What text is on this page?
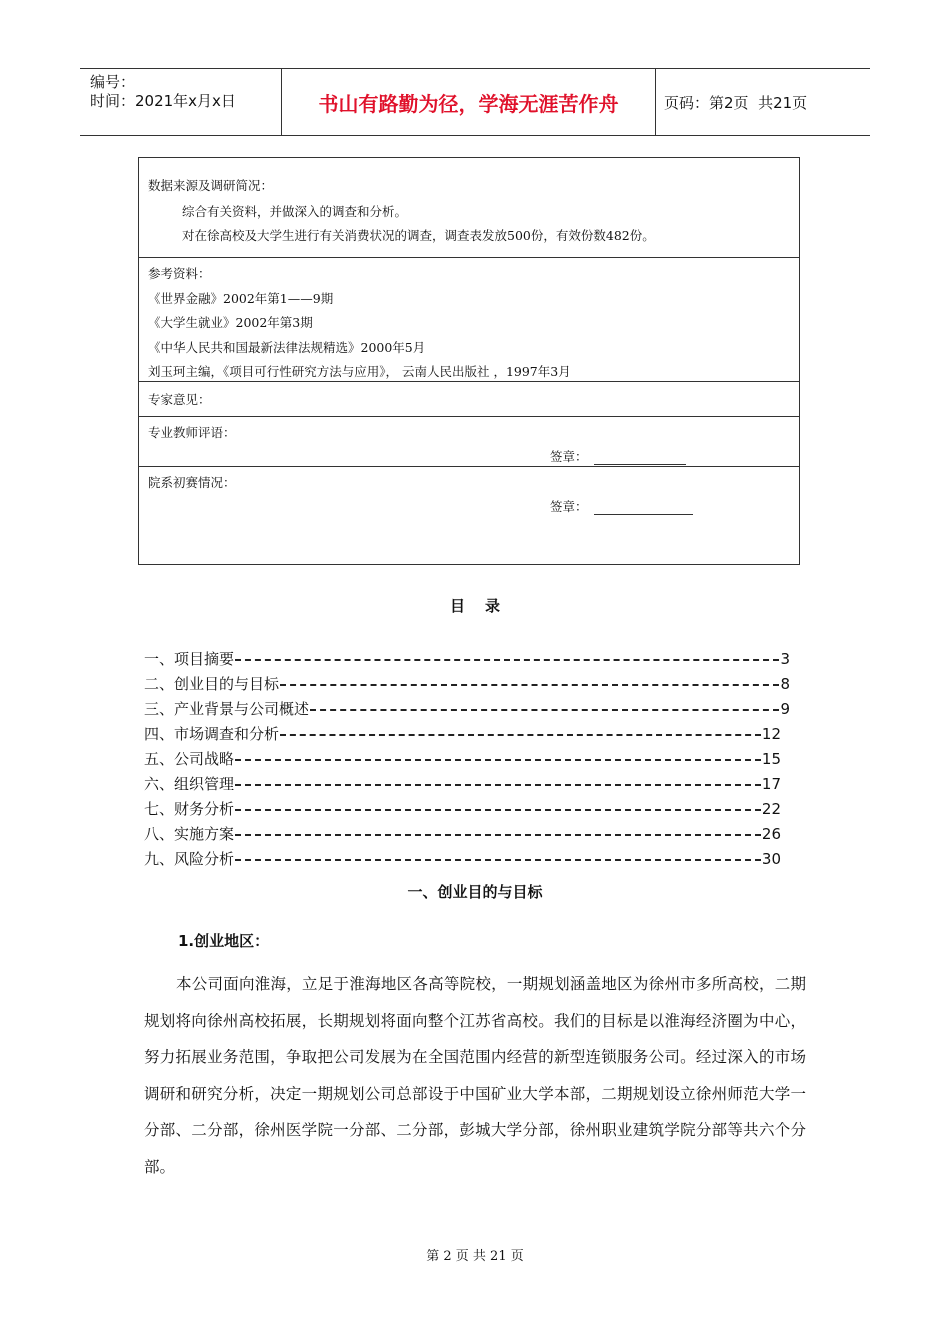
编号：
时间：2021年x月x日	书山有路勤为径，学海无涯苦作舟	页码：第2页  共21页
数据来源及调研简况：
综合有关资料，并做深入的调查和分析。
对在徐高校及大学生进行有关消费状况的调查，调查表发放500份，有效份数482份。
参考资料：
《世界金融》2002年第1——9期
《大学生就业》2002年第3期
《中华人民共和国最新法律法规精选》2000年5月
刘玉珂主编，《项目可行性研究方法与应用》， 云南人民出版社 ，1997年3月
专家意见：
专业教师评语：
签章：
院系初赛情况：
签章：
目录
一、项目摘要	3
二、创业目的与目标	8
三、产业背景与公司概述	9
四、市场调查和分析	12
五、公司战略	15
六、组织管理	17
七、财务分析	22
八、实施方案	26
九、风险分析	30
一、创业目的与目标
1.创业地区：
本公司面向淮海，立足于淮海地区各高等院校，一期规划涵盖地区为徐州市多所高校，二期规划将向徐州高校拓展，长期规划将面向整个江苏省高校。我们的目标是以淮海经济圈为中心，努力拓展业务范围，争取把公司发展为在全国范围内经营的新型连锁服务公司。经过深入的市场调研和研究分析，决定一期规划公司总部设于中国矿业大学本部，二期规划设立徐州师范大学一分部、二分部，徐州医学院一分部、二分部，彭城大学分部，徐州职业建筑学院分部等共六个分部。
第 2 页 共 21 页
